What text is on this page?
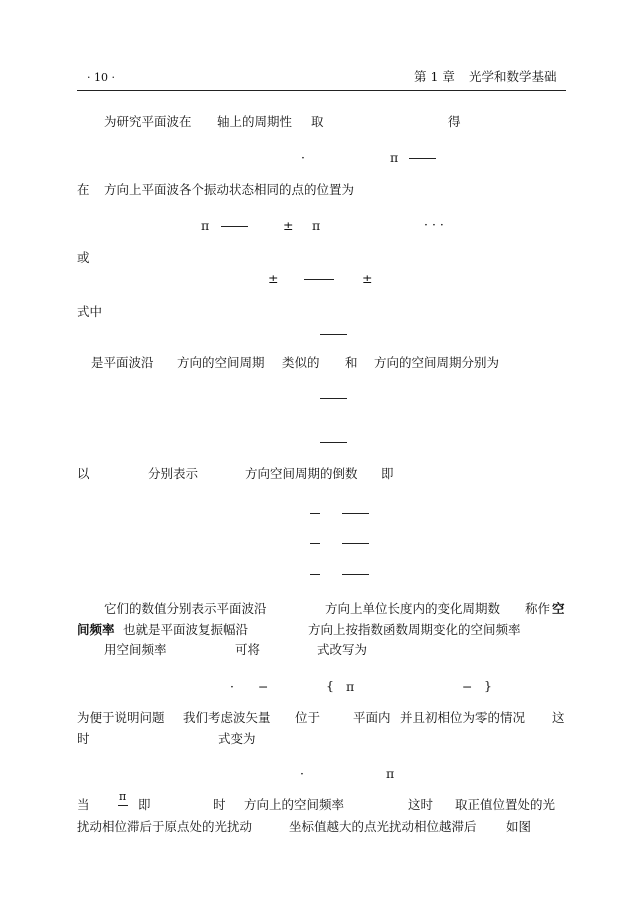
· 10 ·	第 1 章 光学和数学基础
为研究平面波在 轴上的周期性 取	得
·	π
在 方向上平面波各个振动状态相同的点的位置为
π	± π	· · ·
或
±	±
式中
是平面波沿 方向的空间周期 类似的 和 方向的空间周期分别为
以	分别表示	方向空间周期的倒数 即
=
=
=
它们的数值分别表示平面波沿	方向上单位长度内的变化周期数 称作 空
间频率 也就是平面波复振幅沿	方向上按指数函数周期变化的空间频率
用空间频率	可将	式改写为
· −	{ π	− }
为便于说明问题 我们考虑波矢量 位于	平面内 并且初相位为零的情况 这
时	式变为
·	π
当
π
即	时 方向上的空间频率	这时 取正值位置处的光
扰动相位滞后于原点处的光扰动	坐标值越大的点光扰动相位越滞后 如图
